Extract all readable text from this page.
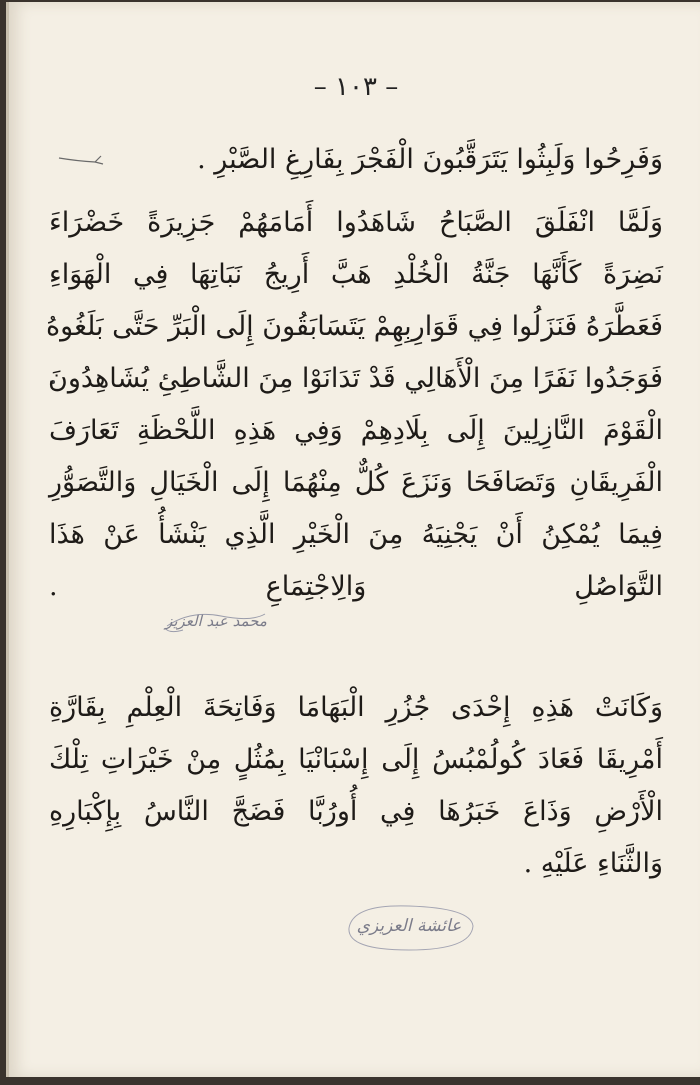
– ١٠٣ –
وَفَرِحُوا وَلَبِثُوا يَتَرَقَّبُونَ الْفَجْرَ بِفَارِغِ الصَّبْرِ .
وَلَمَّا انْفَلَقَ الصَّبَاحُ شَاهَدُوا أَمَامَهُمْ جَزِيرَةً خَضْرَاءَ
نَضِرَةً كَأَنَّهَا جَنَّةُ الْخُلْدِ هَبَّ أَرِيجُ نَبَاتِهَا فِي الْهَوَاءِ
فَعَطَّرَهُ فَنَزَلُوا فِي قَوَارِبِهِمْ يَتَسَابَقُونَ إِلَى الْبَرِّ حَتَّى بَلَغُوهُ
فَوَجَدُوا نَفَرًا مِنَ الْأَهَالِي قَدْ تَدَانَوْا مِنَ الشَّاطِئِ يُشَاهِدُونَ
الْقَوْمَ النَّازِلِينَ إِلَى بِلَادِهِمْ وَفِي هَذِهِ اللَّحْظَةِ تَعَارَفَ
الْفَرِيقَانِ وَتَصَافَحَا وَنَزَعَ كُلٌّ مِنْهُمَا إِلَى الْخَيَالِ وَالتَّصَوُّرِ
فِيمَا يُمْكِنُ أَنْ يَجْنِيَهُ مِنَ الْخَيْرِ الَّذِي يَنْشَأُ عَنْ هَذَا
التَّوَاصُلِ وَالِاجْتِمَاعِ .
وَكَانَتْ هَذِهِ إِحْدَى جُزُرِ الْبَهَامَا وَفَاتِحَةَ الْعِلْمِ بِقَارَّةِ
أَمْرِيقَا فَعَادَ كُولُمْبُسُ إِلَى إِسْبَانْيَا بِمُثُلٍ مِنْ خَيْرَاتِ تِلْكَ
الْأَرْضِ وَذَاعَ خَبَرُهَا فِي أُورُبَّا فَضَجَّ النَّاسُ بِإِكْبَارِهِ
وَالثَّنَاءِ عَلَيْهِ .
محمد عبد العزيز
عائشة العزيزي
